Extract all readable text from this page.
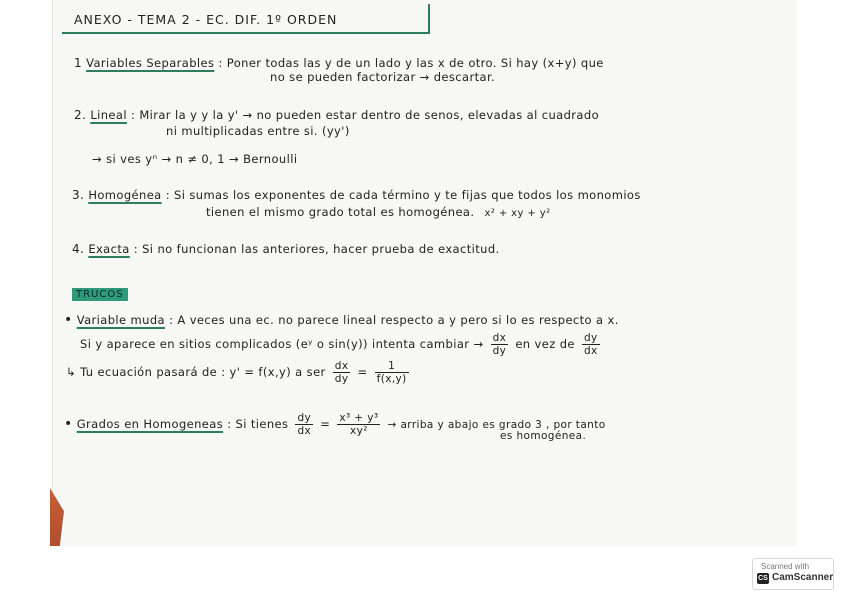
ANEXO - TEMA 2 - EC. DIF. 1º ORDEN
1 Variables Separables : Poner todas las y de un lado y las x de otro. Si hay (x+y) que
no se pueden factorizar → descartar.
2. Lineal : Mirar la y y la y' → no pueden estar dentro de senos, elevadas al cuadrado
ni multiplicadas entre si. (yy')
→ si ves yⁿ → n ≠ 0, 1 → Bernoulli
3. Homogénea : Si sumas los exponentes de cada término y te fijas que todos los monomios
tienen el mismo grado total es homogénea. x² + xy + y²
4. Exacta : Si no funcionan las anteriores, hacer prueba de exactitud.
TRUCOS
• Variable muda : A veces una ec. no parece lineal respecto a y pero si lo es respecto a x.
Si y aparece en sitios complicados (eʸ o sin(y)) intenta cambiar → $\frac{dx}{dy}$ en vez de $\frac{dy}{dx}$
↳ Tu ecuación pasará de : y' = f(x,y) a ser $\frac{dx}{dy} = \frac{1}{f(x,y)}$
• Grados en Homogeneas : Si tienes $\frac{dy}{dx} = \frac{\text{x³ + y³}}{\text{xy²}}$ → arriba y abajo es grado 3 , por tanto
es homogénea.
Scanned with
CS CamScanner
